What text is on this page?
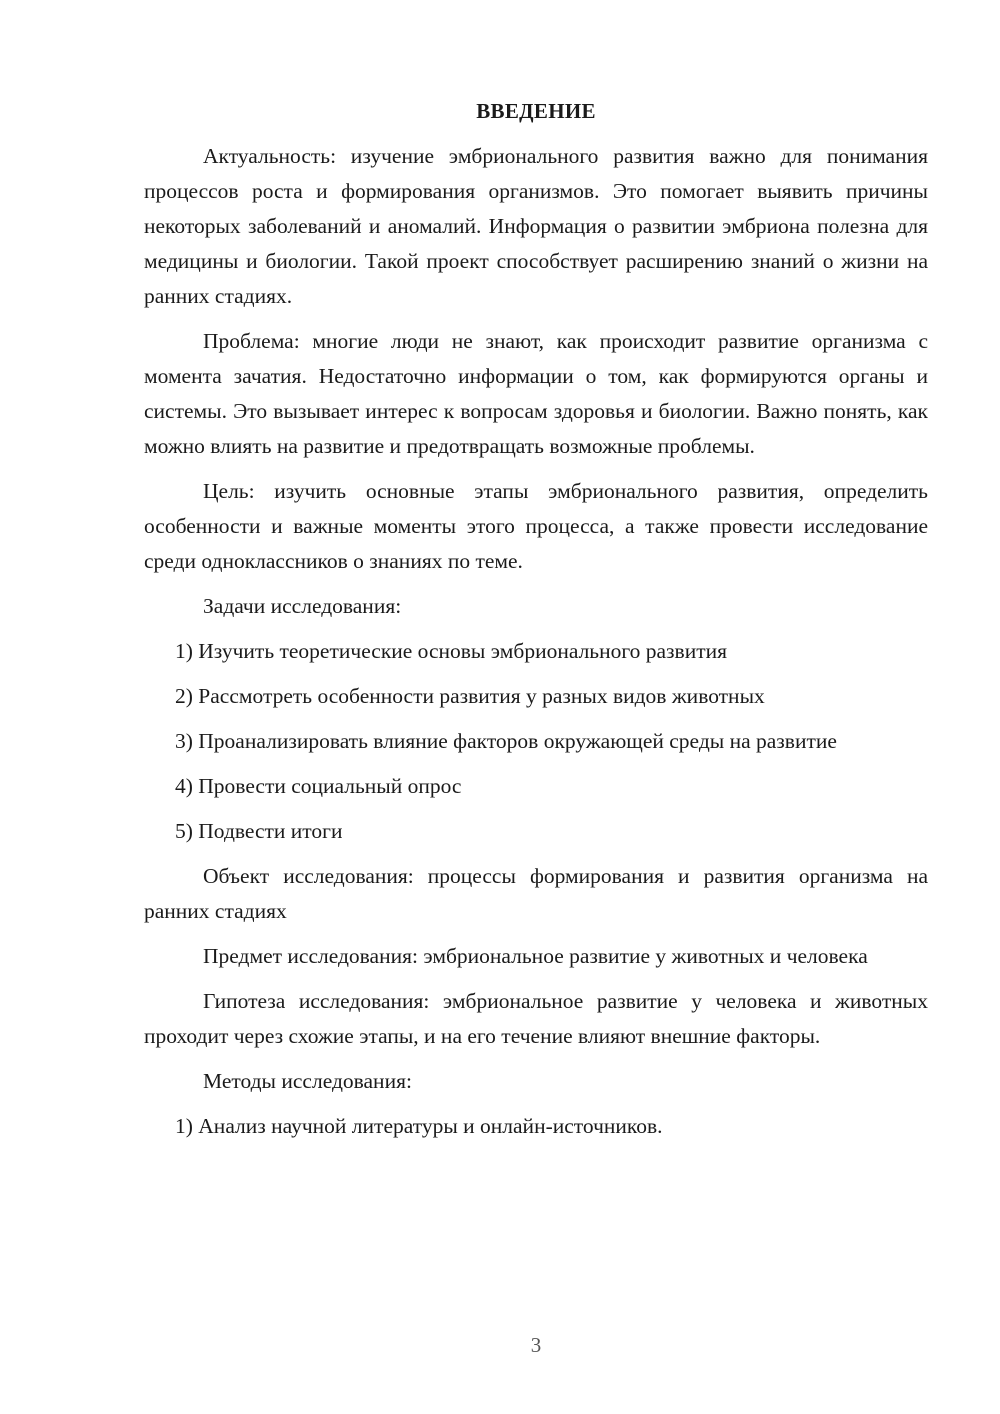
ВВЕДЕНИЕ

Актуальность: изучение эмбрионального развития важно для понимания процессов роста и формирования организмов. Это помогает выявить причины некоторых заболеваний и аномалий. Информация о развитии эмбриона полезна для медицины и биологии. Такой проект способствует расширению знаний о жизни на ранних стадиях.

Проблема: многие люди не знают, как происходит развитие организма с момента зачатия. Недостаточно информации о том, как формируются органы и системы. Это вызывает интерес к вопросам здоровья и биологии. Важно понять, как можно влиять на развитие и предотвращать возможные проблемы.

Цель: изучить основные этапы эмбрионального развития, определить особенности и важные моменты этого процесса, а также провести исследование среди одноклассников о знаниях по теме.

Задачи исследования:

1) Изучить теоретические основы эмбрионального развития

2) Рассмотреть особенности развития у разных видов животных

3) Проанализировать влияние факторов окружающей среды на развитие

4) Провести социальный опрос

5) Подвести итоги

Объект исследования: процессы формирования и развития организма на ранних стадиях

Предмет исследования: эмбриональное развитие у животных и человека

Гипотеза исследования: эмбриональное развитие у человека и животных проходит через схожие этапы, и на его течение влияют внешние факторы.

Методы исследования:

1) Анализ научной литературы и онлайн-источников.

3
